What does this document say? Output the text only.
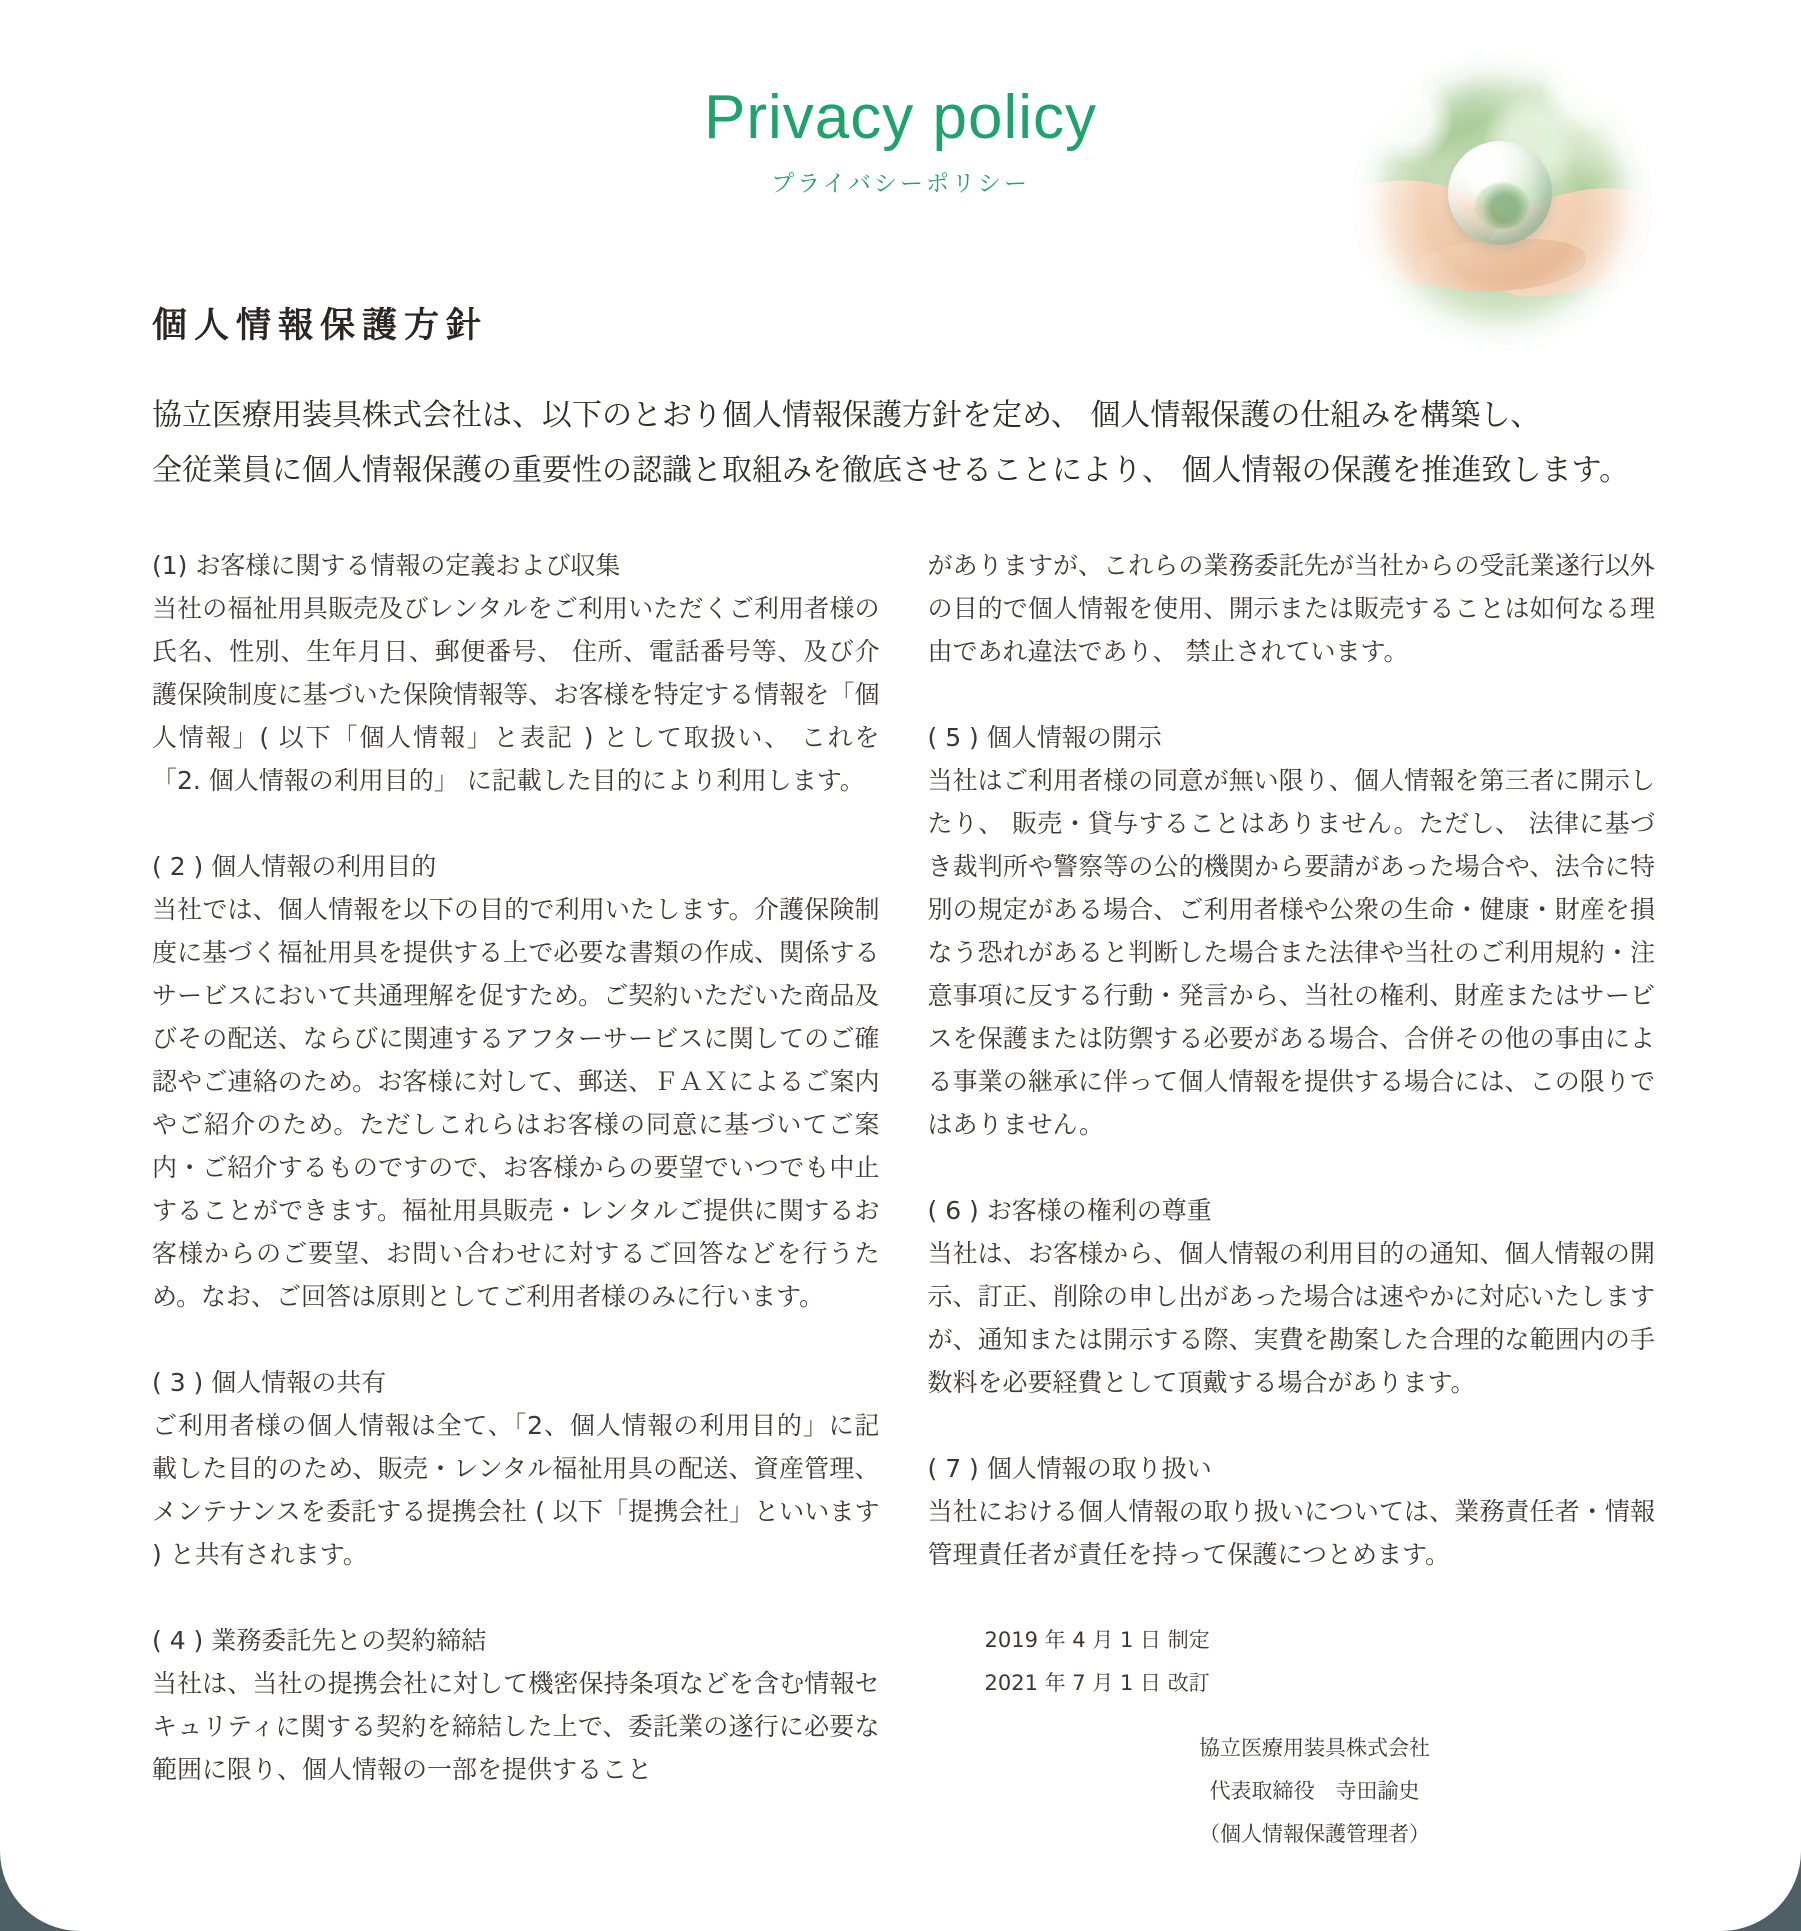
Privacy policy
プライバシーポリシー
個人情報保護方針
協立医療用装具株式会社は、以下のとおり個人情報保護方針を定め、 個人情報保護の仕組みを構築し、
全従業員に個人情報保護の重要性の認識と取組みを徹底させることにより、 個人情報の保護を推進致します。
(1) お客様に関する情報の定義および収集
当社の福祉用具販売及びレンタルをご利用いただくご利用者様の氏名、性別、生年月日、郵便番号、 住所、電話番号等、及び介護保険制度に基づいた保険情報等、お客様を特定する情報を「個人情報」( 以下「個人情報」と表記 ) として取扱い、 これを 「2. 個人情報の利用目的」 に記載した目的により利用します。
( 2 ) 個人情報の利用目的
当社では、個人情報を以下の目的で利用いたします。介護保険制度に基づく福祉用具を提供する上で必要な書類の作成、関係するサービスにおいて共通理解を促すため。ご契約いただいた商品及びその配送、ならびに関連するアフターサービスに関してのご確認やご連絡のため。お客様に対して、郵送、ＦＡＸによるご案内やご紹介のため。ただしこれらはお客様の同意に基づいてご案内・ご紹介するものですので、お客様からの要望でいつでも中止することができます。福祉用具販売・レンタルご提供に関するお客様からのご要望、お問い合わせに対するご回答などを行うため。なお、ご回答は原則としてご利用者様のみに行います。
( 3 ) 個人情報の共有
ご利用者様の個人情報は全て、「2、個人情報の利用目的」に記載した目的のため、販売・レンタル福祉用具の配送、資産管理、メンテナンスを委託する提携会社 ( 以下「提携会社」といいます ) と共有されます。
( 4 ) 業務委託先との契約締結
当社は、当社の提携会社に対して機密保持条項などを含む情報セキュリティに関する契約を締結した上で、委託業の遂行に必要な範囲に限り、個人情報の一部を提供すること
がありますが、これらの業務委託先が当社からの受託業遂行以外の目的で個人情報を使用、開示または販売することは如何なる理由であれ違法であり、 禁止されています。
( 5 ) 個人情報の開示
当社はご利用者様の同意が無い限り、個人情報を第三者に開示したり、 販売・貸与することはありません。ただし、 法律に基づき裁判所や警察等の公的機関から要請があった場合や、法令に特別の規定がある場合、ご利用者様や公衆の生命・健康・財産を損なう恐れがあると判断した場合また法律や当社のご利用規約・注意事項に反する行動・発言から、当社の権利、財産またはサービスを保護または防禦する必要がある場合、合併その他の事由による事業の継承に伴って個人情報を提供する場合には、この限りではありません。
( 6 ) お客様の権利の尊重
当社は、お客様から、個人情報の利用目的の通知、個人情報の開示、訂正、削除の申し出があった場合は速やかに対応いたしますが、通知または開示する際、実費を勘案した合理的な範囲内の手数料を必要経費として頂戴する場合があります。
( 7 ) 個人情報の取り扱い
当社における個人情報の取り扱いについては、業務責任者・情報管理責任者が責任を持って保護につとめます。
2019 年 4 月 1 日 制定
2021 年 7 月 1 日 改訂
協立医療用装具株式会社
代表取締役　寺田諭史
（個人情報保護管理者）
